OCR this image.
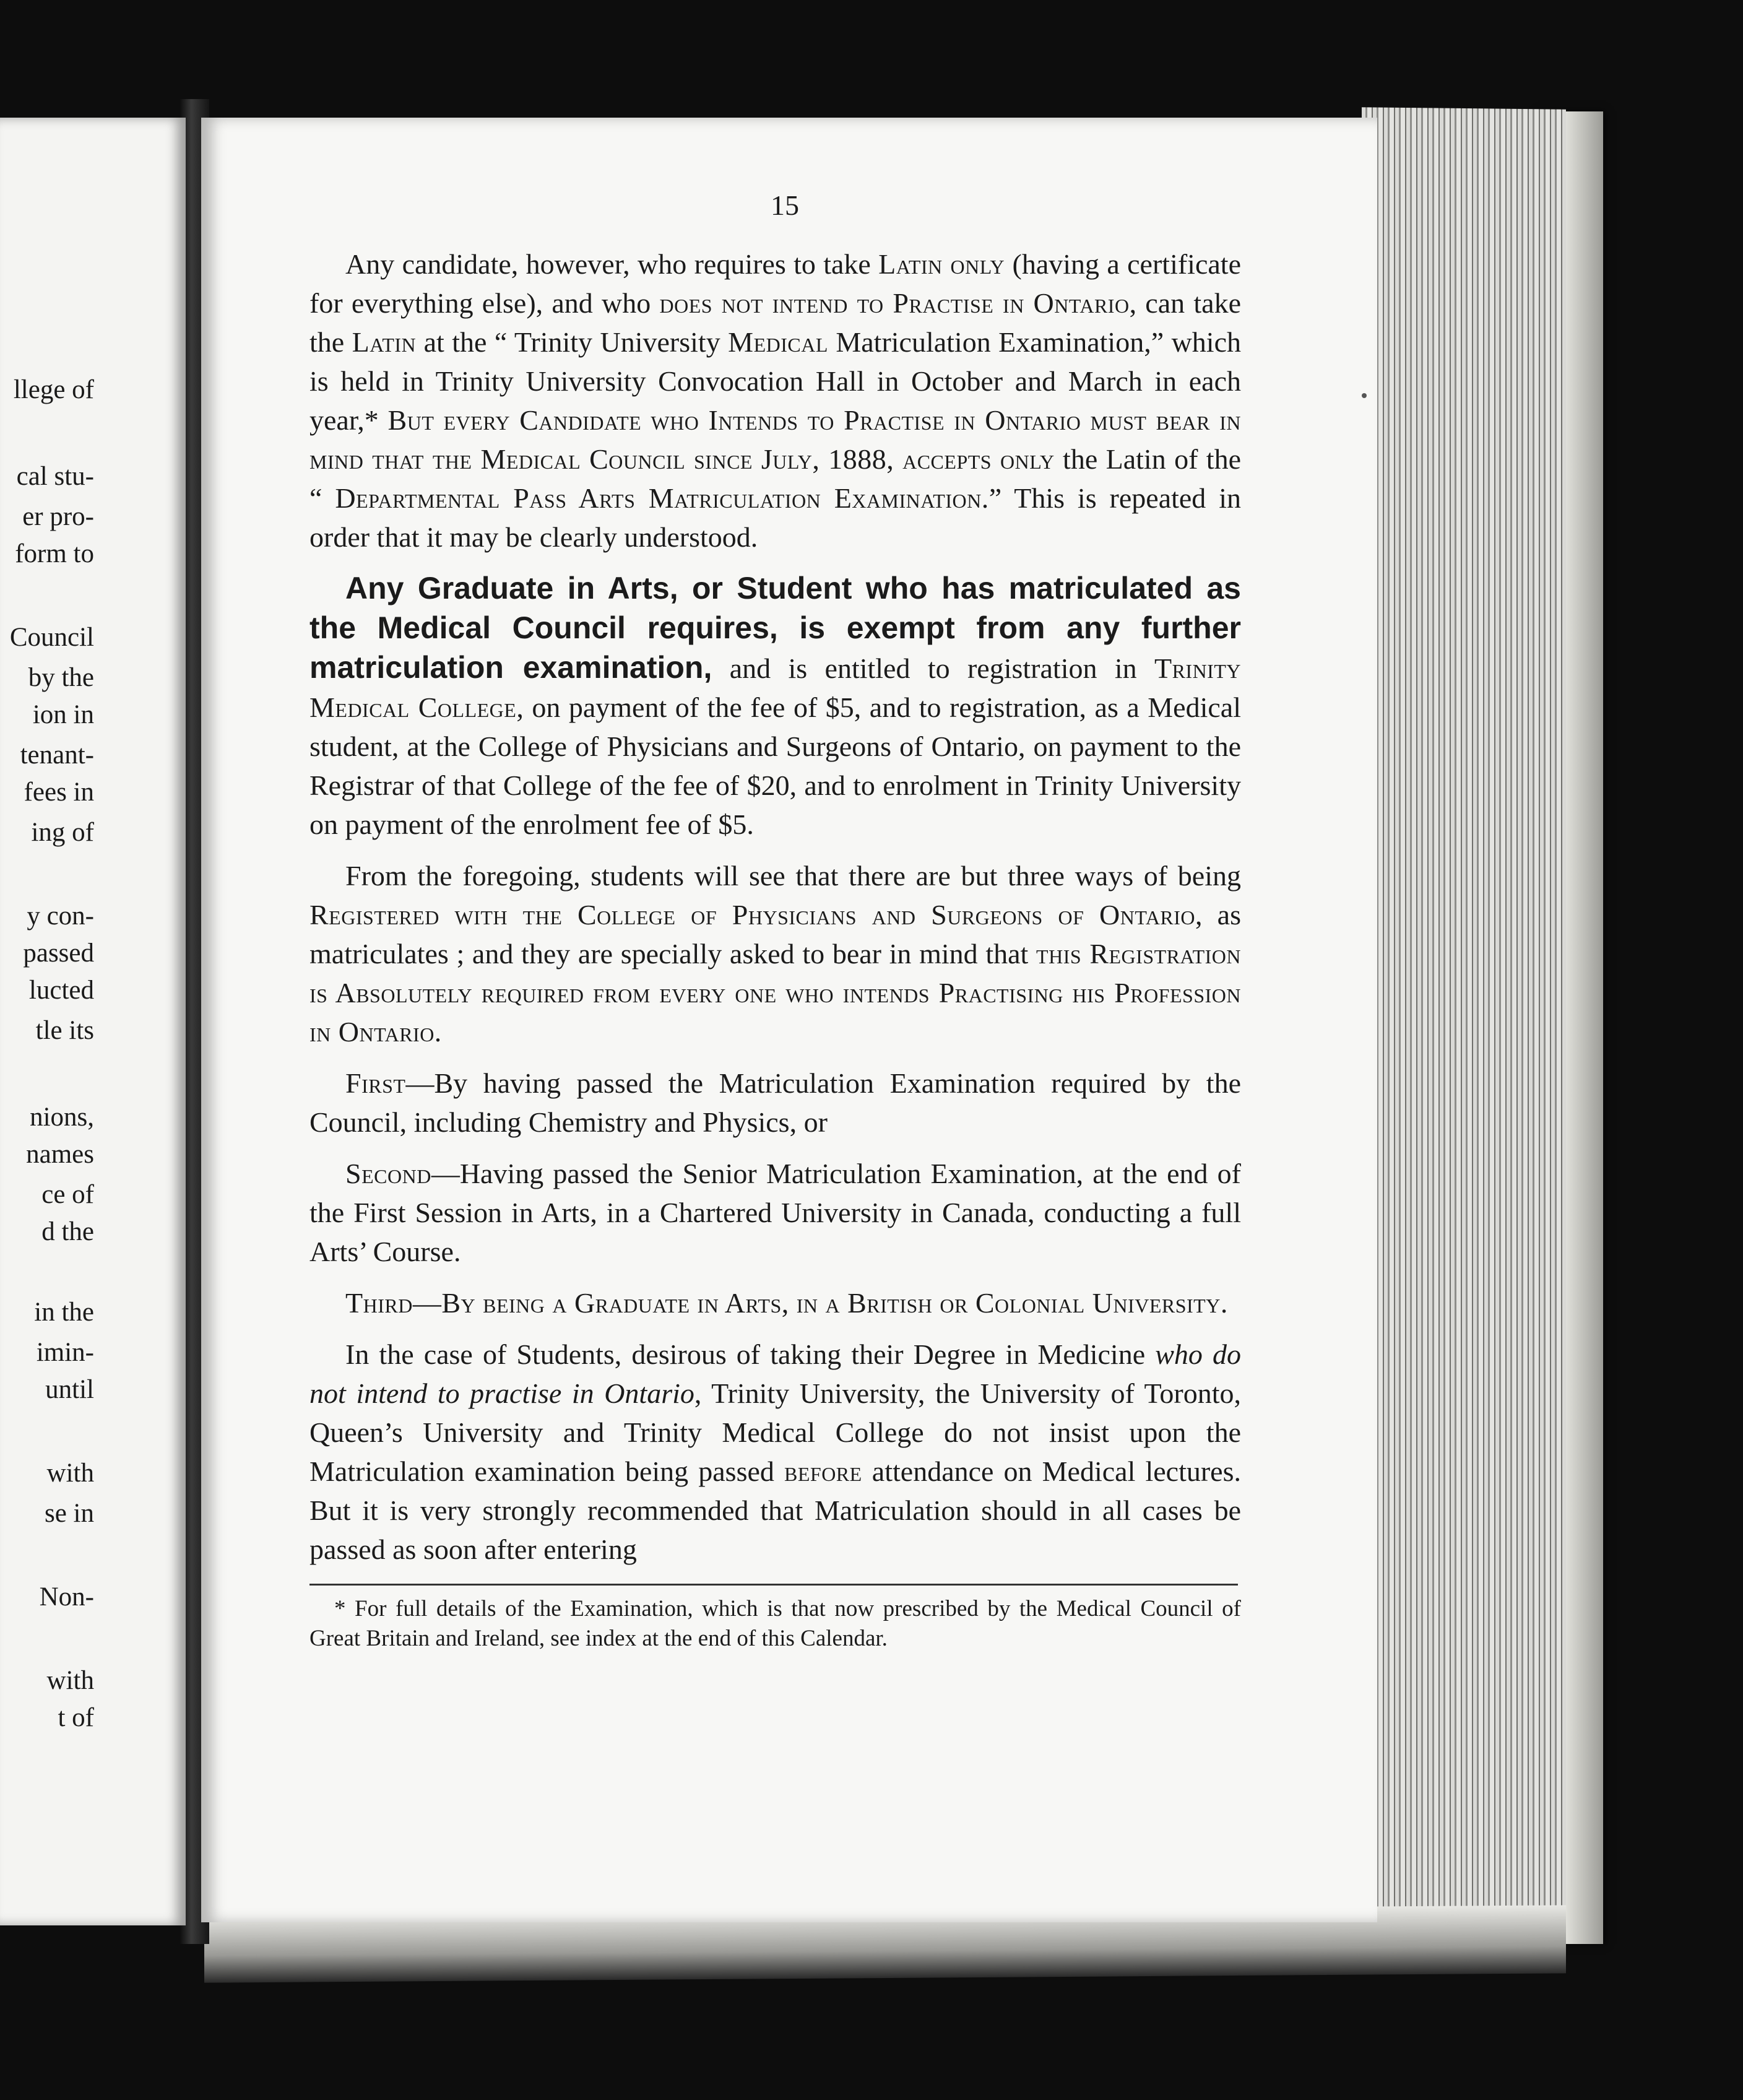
llege of
cal stu-
er pro-
form to
Council
by the
ion in
tenant-
fees in
ing of
y con-
passed
lucted
tle its
nions,
names
ce of
d the
in the
imin-
until
with
se in
Non-
with
t of
15

Any candidate, however, who requires to take Latin only (having a certificate for everything else), and who does not intend to Practise in Ontario, can take the Latin at the “ Trinity University Medical Matriculation Examination,” which is held in Trinity University Convocation Hall in October and March in each year,* But every Candidate who Intends to Practise in Ontario must bear in mind that the Medical Council since July, 1888, accepts only the Latin of the “ Departmental Pass Arts Matriculation Examination.” This is repeated in order that it may be clearly understood.

Any Graduate in Arts, or Student who has matriculated as the Medical Council requires, is exempt from any further matriculation examination, and is entitled to registration in Trinity Medical College, on payment of the fee of $5, and to registration, as a Medical student, at the College of Physicians and Surgeons of Ontario, on payment to the Registrar of that College of the fee of $20, and to enrolment in Trinity University on payment of the enrolment fee of $5.

From the foregoing, students will see that there are but three ways of being Registered with the College of Physicians and Surgeons of Ontario, as matriculates ; and they are specially asked to bear in mind that this Registration is Absolutely required from every one who intends Practising his Profession in Ontario.

First—By having passed the Matriculation Examination required by the Council, including Chemistry and Physics, or

Second—Having passed the Senior Matriculation Examination, at the end of the First Session in Arts, in a Chartered University in Canada, conducting a full Arts’ Course.

Third—By being a Graduate in Arts, in a British or Colonial University.

In the case of Students, desirous of taking their Degree in Medicine who do not intend to practise in Ontario, Trinity University, the University of Toronto, Queen’s University and Trinity Medical College do not insist upon the Matriculation examination being passed before attendance on Medical lectures. But it is very strongly recommended that Matriculation should in all cases be passed as soon after entering

* For full details of the Examination, which is that now prescribed by the Medical Council of Great Britain and Ireland, see index at the end of this Calendar.
